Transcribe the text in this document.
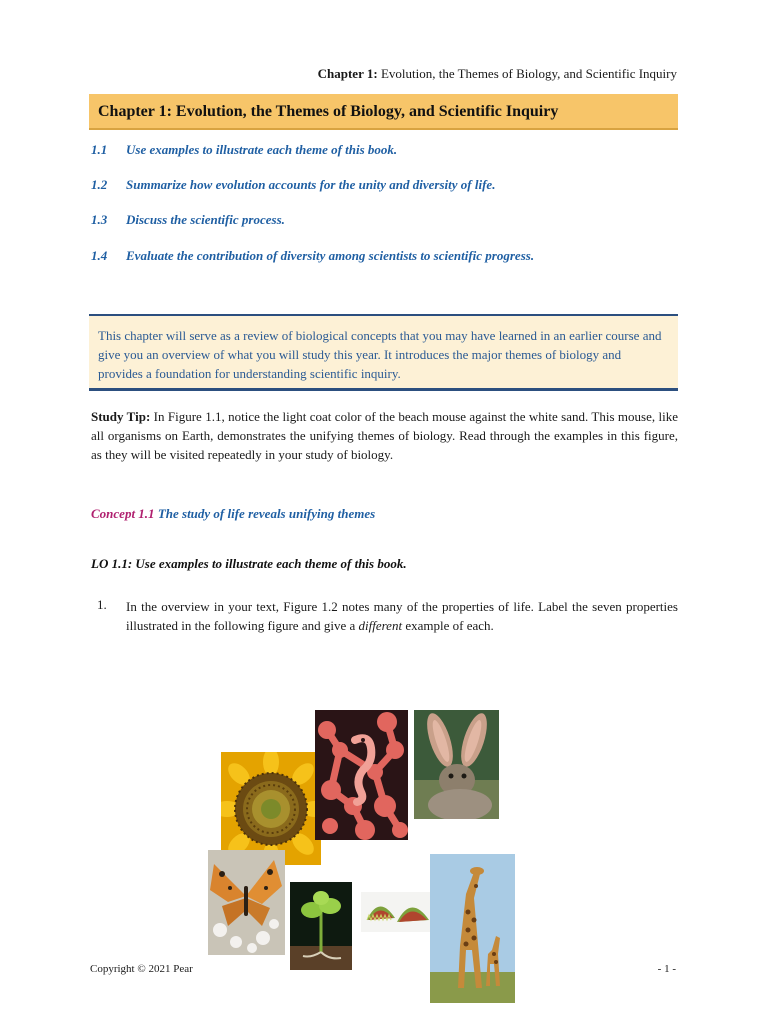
Chapter 1: Evolution, the Themes of Biology, and Scientific Inquiry
Chapter 1: Evolution, the Themes of Biology, and Scientific Inquiry
1.1 Use examples to illustrate each theme of this book.
1.2 Summarize how evolution accounts for the unity and diversity of life.
1.3 Discuss the scientific process.
1.4 Evaluate the contribution of diversity among scientists to scientific progress.
This chapter will serve as a review of biological concepts that you may have learned in an earlier course and give you an overview of what you will study this year. It introduces the major themes of biology and provides a foundation for understanding scientific inquiry.

Study Tip: In Figure 1.1, notice the light coat color of the beach mouse against the white sand. This mouse, like all organisms on Earth, demonstrates the unifying themes of biology. Read through the examples in this figure, as they will be visited repeatedly in your study of biology.

Concept 1.1 The study of life reveals unifying themes
LO 1.1: Use examples to illustrate each theme of this book.
1. In the overview in your text, Figure 1.2 notes many of the properties of life. Label the seven properties illustrated in the following figure and give a different example of each.

Copyright © 2021 Pear	- 1 -
